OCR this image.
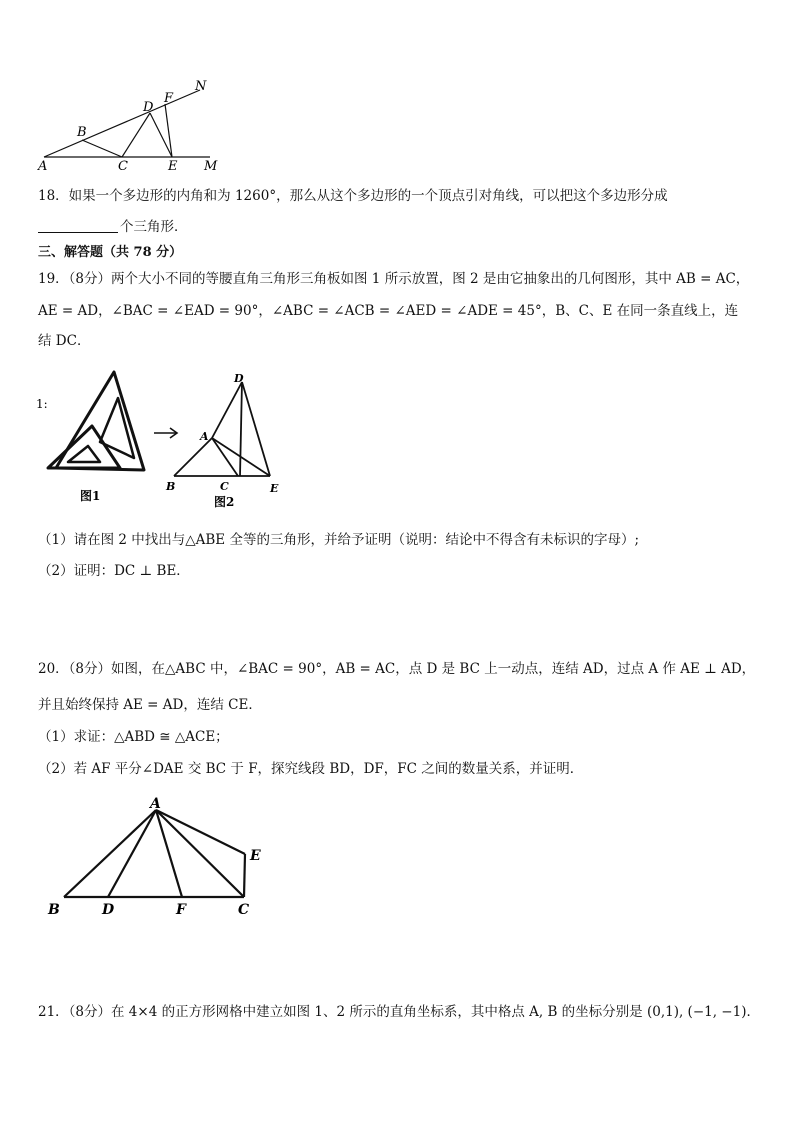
A
B
C
D
E
F
M
N
18．如果一个多边形的内角和为 1260°，那么从这个多边形的一个顶点引对角线，可以把这个多边形分成
个三角形．
三、解答题（共 78 分）
19．（8分）两个大小不同的等腰直角三角形三角板如图 1 所示放置，图 2 是由它抽象出的几何图形，其中 AB = AC，
AE = AD，∠BAC = ∠EAD = 90°，∠ABC = ∠ACB = ∠AED = ∠ADE = 45°，B、C、E 在同一条直线上，连
结 DC．
1:
图1
D
A
B	C	E
图2
（1）请在图 2 中找出与△ABE 全等的三角形，并给予证明（说明：结论中不得含有未标识的字母）;
（2）证明：DC ⊥ BE．
20．（8分）如图，在△ABC 中，∠BAC = 90°，AB = AC，点 D 是 BC 上一动点，连结 AD，过点 A 作 AE ⊥ AD，
并且始终保持 AE = AD，连结 CE．
（1）求证：△ABD ≅ △ACE；
（2）若 AF 平分∠DAE 交 BC 于 F，探究线段 BD，DF，FC 之间的数量关系，并证明．
A
E
B	D	F	C
21．（8分）在 4×4 的正方形网格中建立如图 1、2 所示的直角坐标系，其中格点 A, B 的坐标分别是 (0,1), (−1, −1)．
